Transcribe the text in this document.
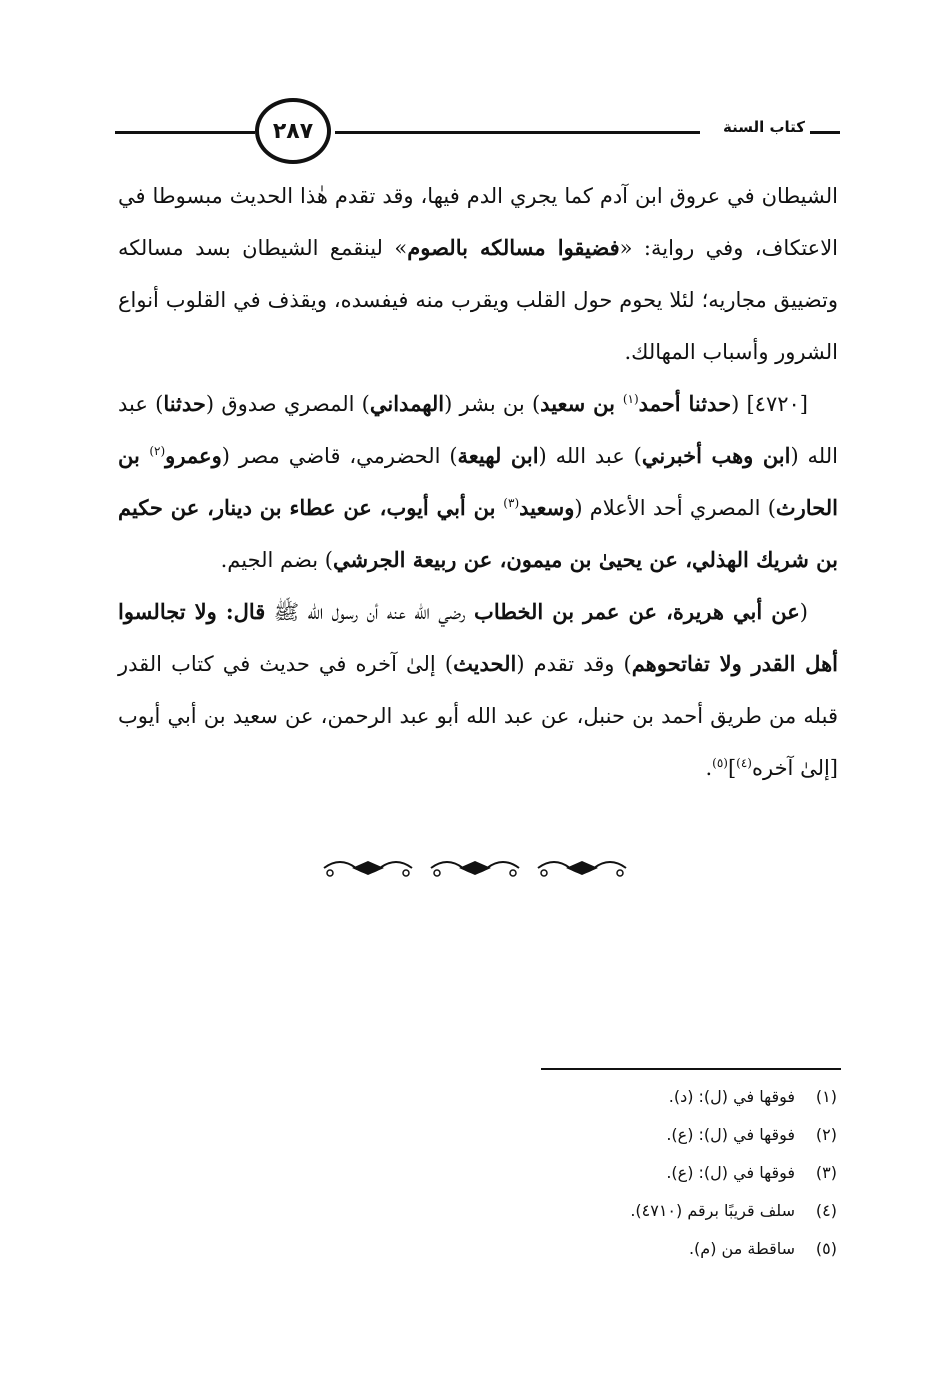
٢٨٧	كتاب السنة

الشيطان في عروق ابن آدم كما يجري الدم فيها، وقد تقدم هٰذا الحديث مبسوطا في الاعتكاف، وفي رواية: «فضيقوا مسالكه بالصوم» لينقمع الشيطان بسد مسالكه وتضييق مجاريه؛ لئلا يحوم حول القلب ويقرب منه فيفسده، ويقذف في القلوب أنواع الشرور وأسباب المهالك.

[٤٧٢٠] (حدثنا أحمد$^{(١)}$ بن سعيد) بن بشر (الهمداني) المصري صدوق (حدثنا) عبد الله (ابن وهب أخبرني) عبد الله (ابن لهيعة) الحضرمي، قاضي مصر (وعمرو$^{(٢)}$ بن الحارث) المصري أحد الأعلام (وسعيد$^{(٣)}$ بن أبي أيوب، عن عطاء بن دينار، عن حكيم بن شريك الهذلي، عن يحيىٰ بن ميمون، عن ربيعة الجرشي) بضم الجيم.

(عن أبي هريرة، عن عمر بن الخطاب رضي الله عنه أن رسول الله ﷺ قال: ولا تجالسوا أهل القدر ولا تفاتحوهم) وقد تقدم (الحديث) إلىٰ آخره في حديث في كتاب القدر قبله من طريق أحمد بن حنبل، عن عبد الله أبو عبد الرحمن، عن سعيد بن أبي أيوب [إلىٰ آخره$^{(٤)}$]$^{(٥)}$.

(١)فوقها في (ل): (د).
(٢)فوقها في (ل): (ع).
(٣)فوقها في (ل): (ع).
(٤)سلف قريبًا برقم (٤٧١٠).
(٥)ساقطة من (م).
